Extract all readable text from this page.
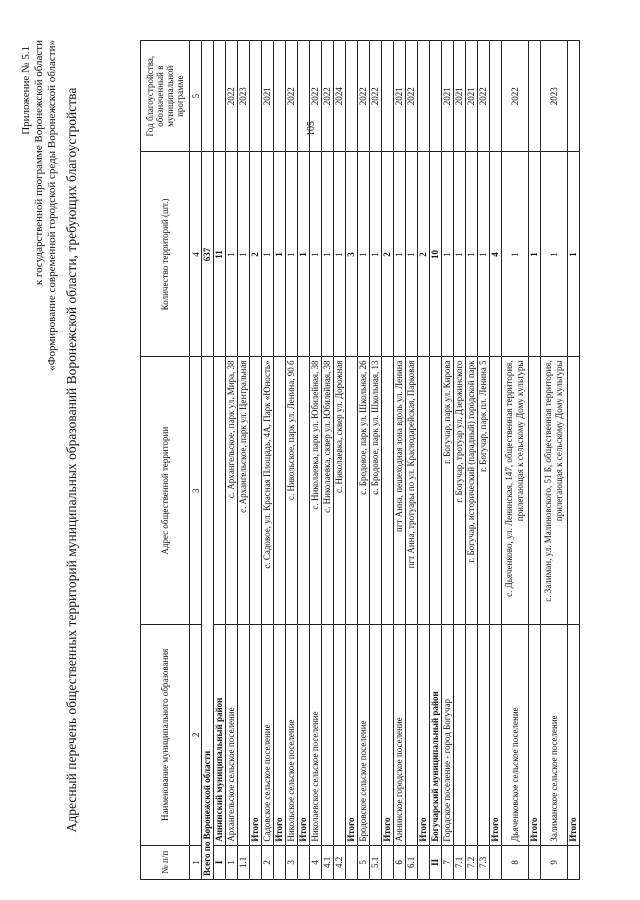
105
Приложение № 5.1 к государственной программе Воронежской области «Формирование современной городской среды Воронежской области» Адресный перечень общественных территорий муниципальных образований Воронежской области, требующих благоустройства
№ п/п	Наименование муниципального образования	Адрес общественной территории	Количество территорий (шт.)	Год благоустройства, обозначенный в муниципальной программе
1	2	3	4	5
Всего по Воронежской области			637	
I	Аннинский муниципальный район		11	
1	Архангельское сельское поселение	с. Архангельское, парк ул. Мира, 38	1	2022
1.1		с. Архангельское, парк ул. Центральная	1	2023
	Итого		2	
2	Садовское сельское поселение	с. Садовое, ул. Красная Площадь, 4А, Парк «Юность»	1	2021
	Итого		1	
3	Никольское сельское поселение	с. Никольское, парк ул. Ленина, 90 б	1	2022
	Итого		1	
4	Николаевское сельское поселение	с. Николаевка, парк ул. Юбилейная, 38	1	2022
4.1		с. Николаевка, сквер ул. Юбилейная, 38	1	2022
4.2		с. Николаевка, сквер ул. Дорожная	1	2024
	Итого		3	
5	Бродовское сельское поселение	с. Бродовое, парк ул. Школьная, 26	1	2022
5.1		с. Бродовое, парк ул. Школьная, 13	1	2022
	Итого		2	
6	Аннинское городское поселение	пгт Анна, пешеходная зона вдоль ул. Ленина	1	2021
6.1		пгт Анна, тротуары по ул. Краснодарейская, Парковая	1	2022
	Итого		2	
II	Богучарский муниципальный район		10	
7	Городское поселение - город Богучар	г. Богучар, парк ул. Кирова	1	2021
7.1		г. Богучар, тротуар ул. Дзержинского	1	2021
7.2		г. Богучар, исторический (парадный) городской парк	1	2021
7.3		г. Богучар, парк пл. Ленина 5	1	2022
	Итого		4	
8	Дьяченковское сельское поселение	с. Дьяченково, ул. Ленинская, 147, общественная территория, прилегающая к сельскому Дому культуры	1	2022
	Итого		1	
9	Залиманское сельское поселение	с. Залиман, ул. Малиновского, 51 Б, общественная территория, прилегающая к сельскому Дому культуры	1	2023
	Итого		1	
